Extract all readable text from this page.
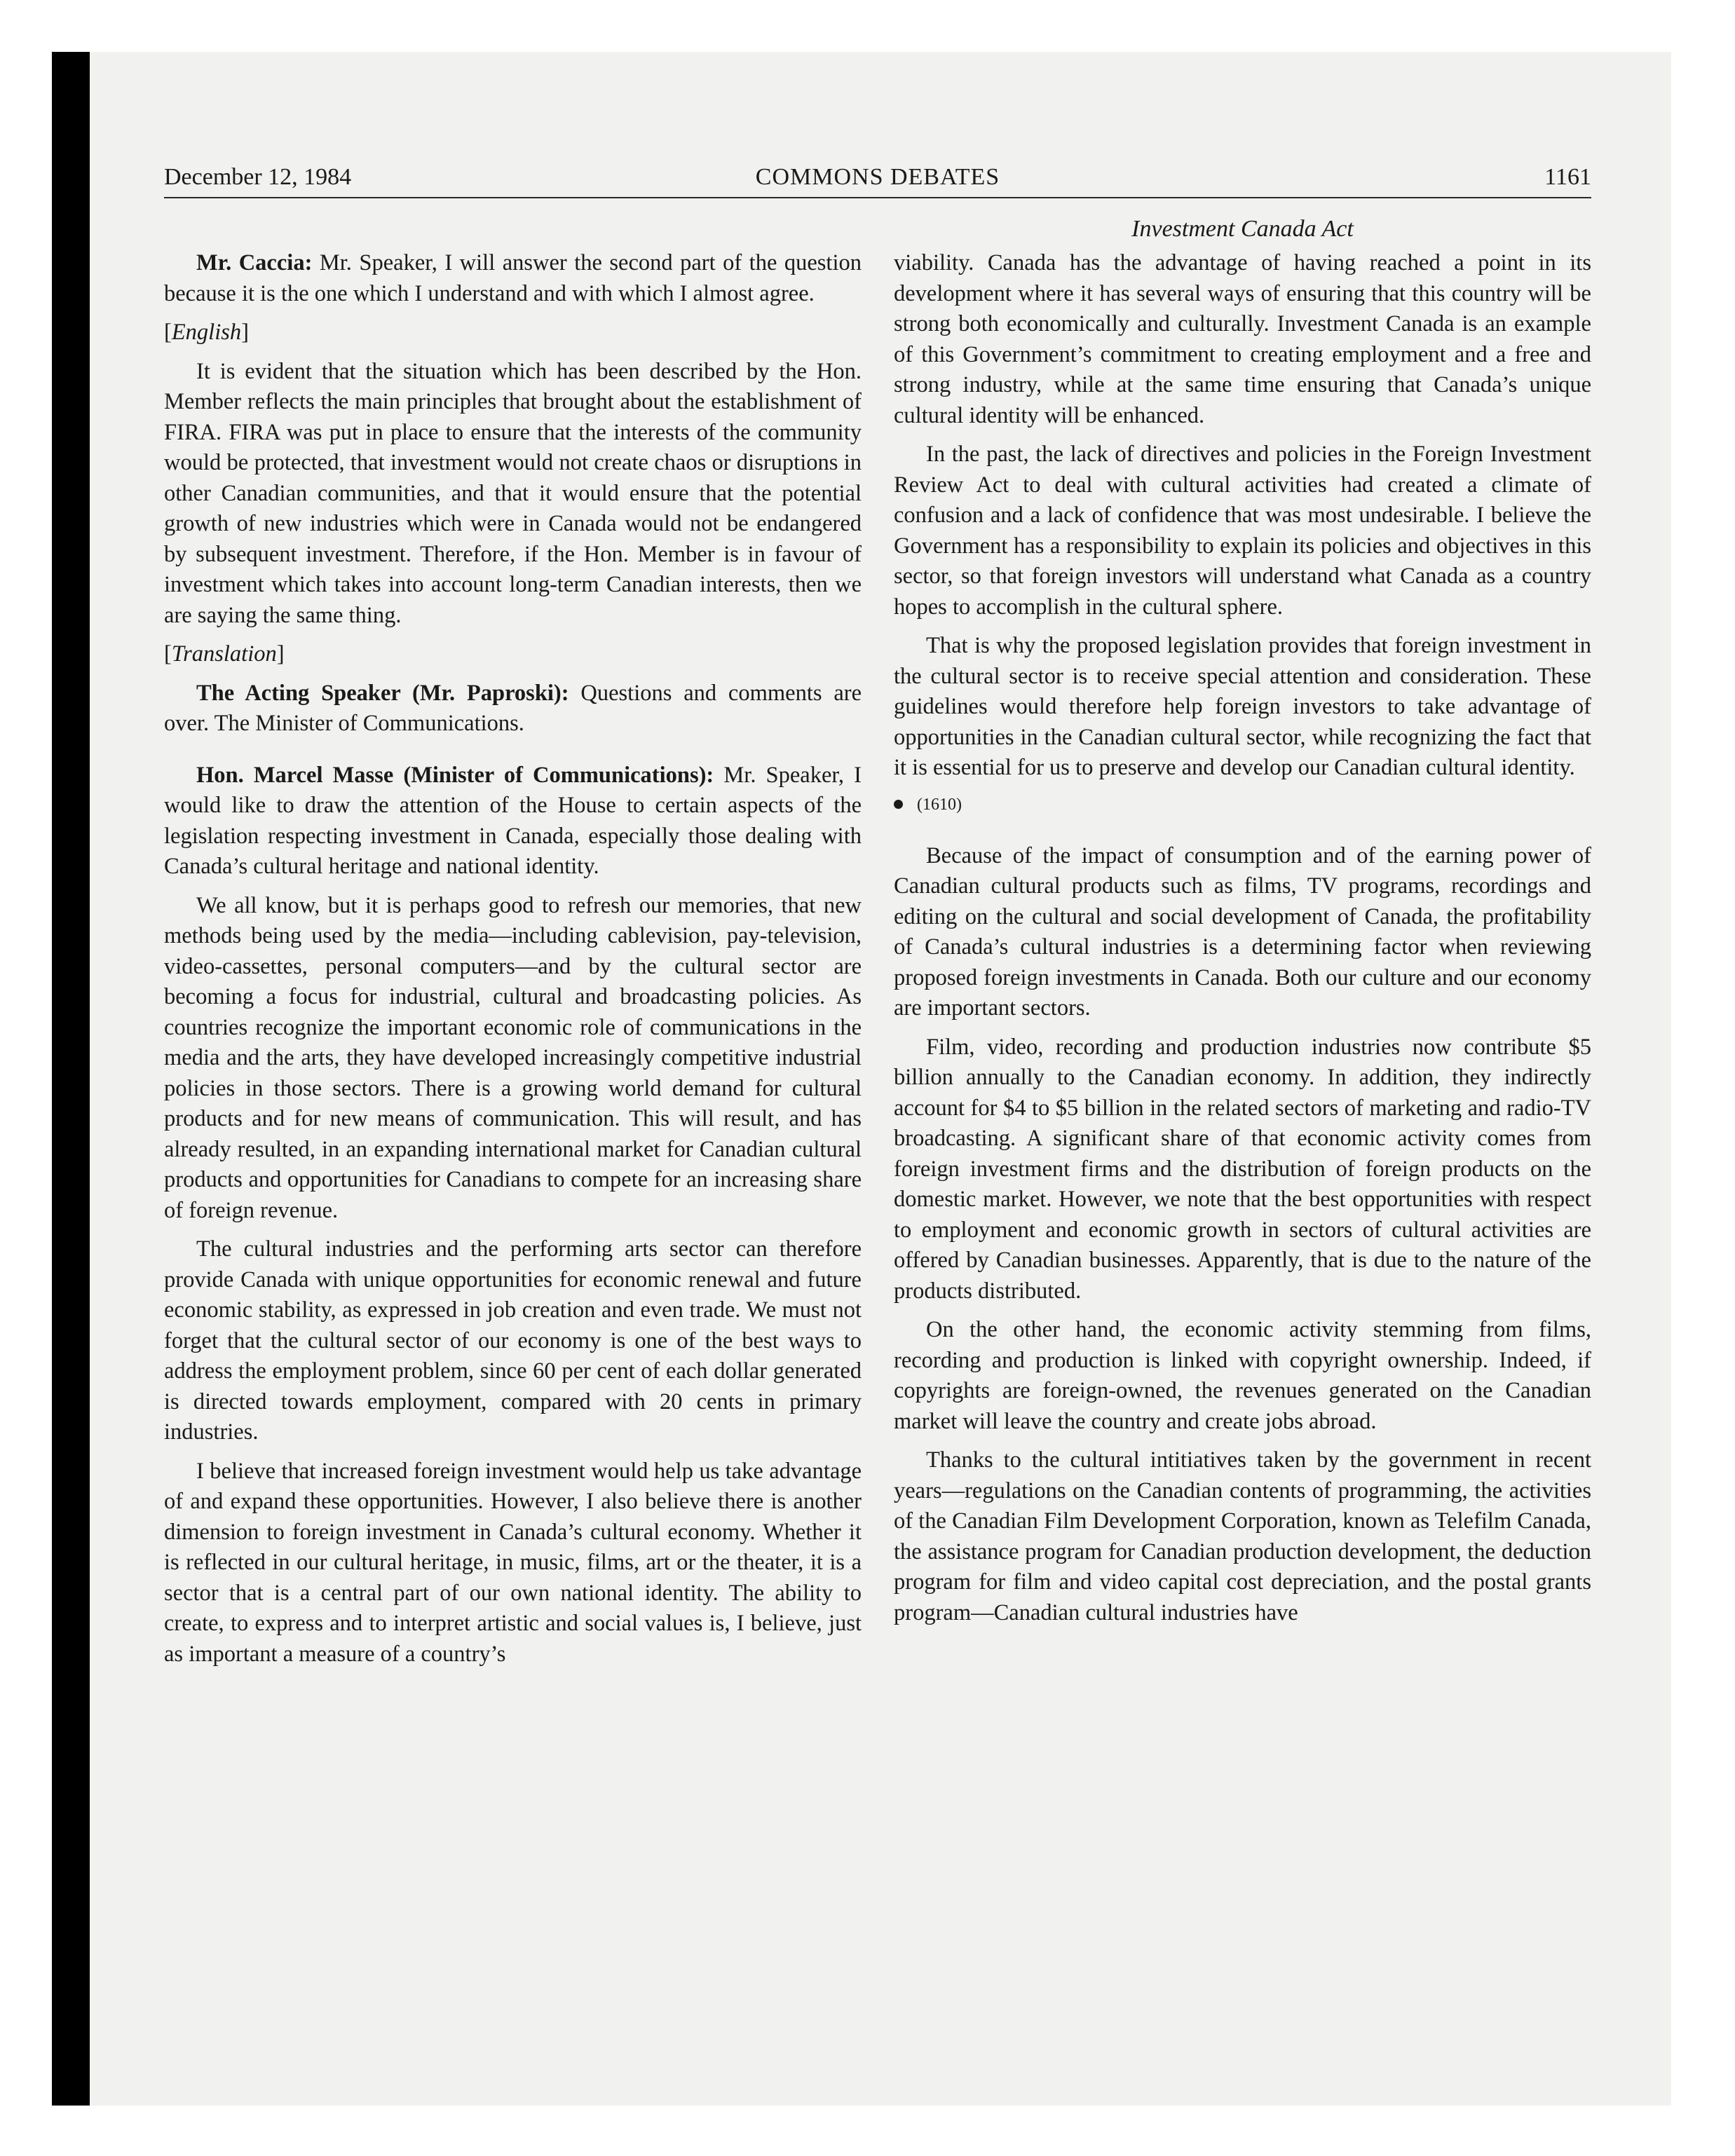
December 12, 1984	COMMONS DEBATES	1161
Investment Canada Act

Mr. Caccia: Mr. Speaker, I will answer the second part of the question because it is the one which I understand and with which I almost agree.

[English]

It is evident that the situation which has been described by the Hon. Member reflects the main principles that brought about the establishment of FIRA. FIRA was put in place to ensure that the interests of the community would be protected, that investment would not create chaos or disruptions in other Canadian communities, and that it would ensure that the potential growth of new industries which were in Canada would not be endangered by subsequent investment. Therefore, if the Hon. Member is in favour of investment which takes into account long-term Canadian interests, then we are saying the same thing.

[Translation]

The Acting Speaker (Mr. Paproski): Questions and comments are over. The Minister of Communications.

Hon. Marcel Masse (Minister of Communications): Mr. Speaker, I would like to draw the attention of the House to certain aspects of the legislation respecting investment in Canada, especially those dealing with Canada’s cultural heritage and national identity.

We all know, but it is perhaps good to refresh our memories, that new methods being used by the media—including cablevision, pay-television, video-cassettes, personal computers—and by the cultural sector are becoming a focus for industrial, cultural and broadcasting policies. As countries recognize the important economic role of communications in the media and the arts, they have developed increasingly competitive industrial policies in those sectors. There is a growing world demand for cultural products and for new means of communication. This will result, and has already resulted, in an expanding international market for Canadian cultural products and opportunities for Canadians to compete for an increasing share of foreign revenue.

The cultural industries and the performing arts sector can therefore provide Canada with unique opportunities for economic renewal and future economic stability, as expressed in job creation and even trade. We must not forget that the cultural sector of our economy is one of the best ways to address the employment problem, since 60 per cent of each dollar generated is directed towards employment, compared with 20 cents in primary industries.

I believe that increased foreign investment would help us take advantage of and expand these opportunities. However, I also believe there is another dimension to foreign investment in Canada’s cultural economy. Whether it is reflected in our cultural heritage, in music, films, art or the theater, it is a sector that is a central part of our own national identity. The ability to create, to express and to interpret artistic and social values is, I believe, just as important a measure of a country’s

viability. Canada has the advantage of having reached a point in its development where it has several ways of ensuring that this country will be strong both economically and culturally. Investment Canada is an example of this Government’s commitment to creating employment and a free and strong industry, while at the same time ensuring that Canada’s unique cultural identity will be enhanced.

In the past, the lack of directives and policies in the Foreign Investment Review Act to deal with cultural activities had created a climate of confusion and a lack of confidence that was most undesirable. I believe the Government has a responsibility to explain its policies and objectives in this sector, so that foreign investors will understand what Canada as a country hopes to accomplish in the cultural sphere.

That is why the proposed legislation provides that foreign investment in the cultural sector is to receive special attention and consideration. These guidelines would therefore help foreign investors to take advantage of opportunities in the Canadian cultural sector, while recognizing the fact that it is essential for us to preserve and develop our Canadian cultural identity.

(1610)

Because of the impact of consumption and of the earning power of Canadian cultural products such as films, TV programs, recordings and editing on the cultural and social development of Canada, the profitability of Canada’s cultural industries is a determining factor when reviewing proposed foreign investments in Canada. Both our culture and our economy are important sectors.

Film, video, recording and production industries now contribute $5 billion annually to the Canadian economy. In addition, they indirectly account for $4 to $5 billion in the related sectors of marketing and radio-TV broadcasting. A significant share of that economic activity comes from foreign investment firms and the distribution of foreign products on the domestic market. However, we note that the best opportunities with respect to employment and economic growth in sectors of cultural activities are offered by Canadian businesses. Apparently, that is due to the nature of the products distributed.

On the other hand, the economic activity stemming from films, recording and production is linked with copyright ownership. Indeed, if copyrights are foreign-owned, the revenues generated on the Canadian market will leave the country and create jobs abroad.

Thanks to the cultural intitiatives taken by the government in recent years—regulations on the Canadian contents of programming, the activities of the Canadian Film Development Corporation, known as Telefilm Canada, the assistance program for Canadian production development, the deduction program for film and video capital cost depreciation, and the postal grants program—Canadian cultural industries have
